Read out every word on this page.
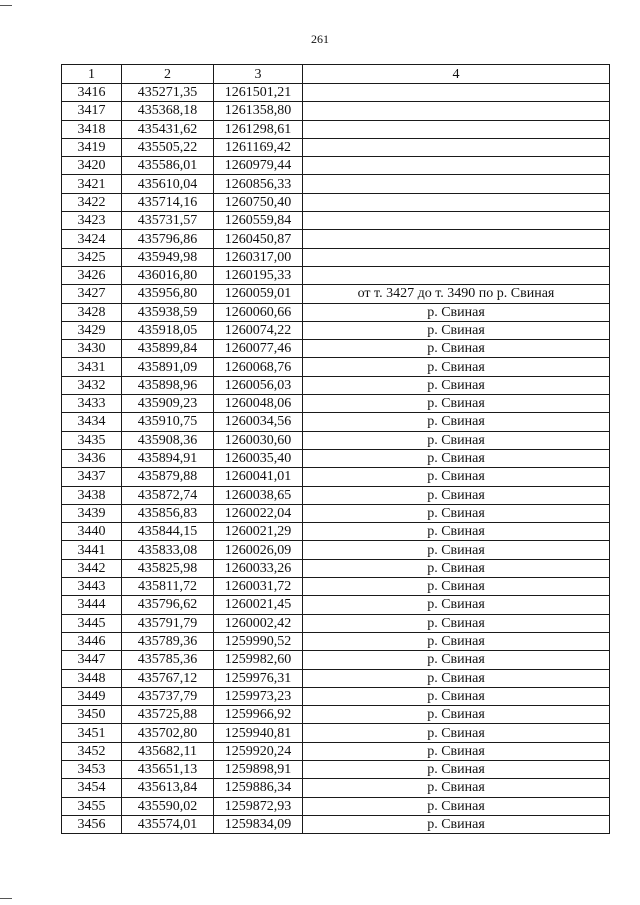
261
1	2	3	4
3416	435271,35	1261501,21	
3417	435368,18	1261358,80	
3418	435431,62	1261298,61	
3419	435505,22	1261169,42	
3420	435586,01	1260979,44	
3421	435610,04	1260856,33	
3422	435714,16	1260750,40	
3423	435731,57	1260559,84	
3424	435796,86	1260450,87	
3425	435949,98	1260317,00	
3426	436016,80	1260195,33	
3427	435956,80	1260059,01	от т. 3427 до т. 3490 по р. Свиная
3428	435938,59	1260060,66	р. Свиная
3429	435918,05	1260074,22	р. Свиная
3430	435899,84	1260077,46	р. Свиная
3431	435891,09	1260068,76	р. Свиная
3432	435898,96	1260056,03	р. Свиная
3433	435909,23	1260048,06	р. Свиная
3434	435910,75	1260034,56	р. Свиная
3435	435908,36	1260030,60	р. Свиная
3436	435894,91	1260035,40	р. Свиная
3437	435879,88	1260041,01	р. Свиная
3438	435872,74	1260038,65	р. Свиная
3439	435856,83	1260022,04	р. Свиная
3440	435844,15	1260021,29	р. Свиная
3441	435833,08	1260026,09	р. Свиная
3442	435825,98	1260033,26	р. Свиная
3443	435811,72	1260031,72	р. Свиная
3444	435796,62	1260021,45	р. Свиная
3445	435791,79	1260002,42	р. Свиная
3446	435789,36	1259990,52	р. Свиная
3447	435785,36	1259982,60	р. Свиная
3448	435767,12	1259976,31	р. Свиная
3449	435737,79	1259973,23	р. Свиная
3450	435725,88	1259966,92	р. Свиная
3451	435702,80	1259940,81	р. Свиная
3452	435682,11	1259920,24	р. Свиная
3453	435651,13	1259898,91	р. Свиная
3454	435613,84	1259886,34	р. Свиная
3455	435590,02	1259872,93	р. Свиная
3456	435574,01	1259834,09	р. Свиная
